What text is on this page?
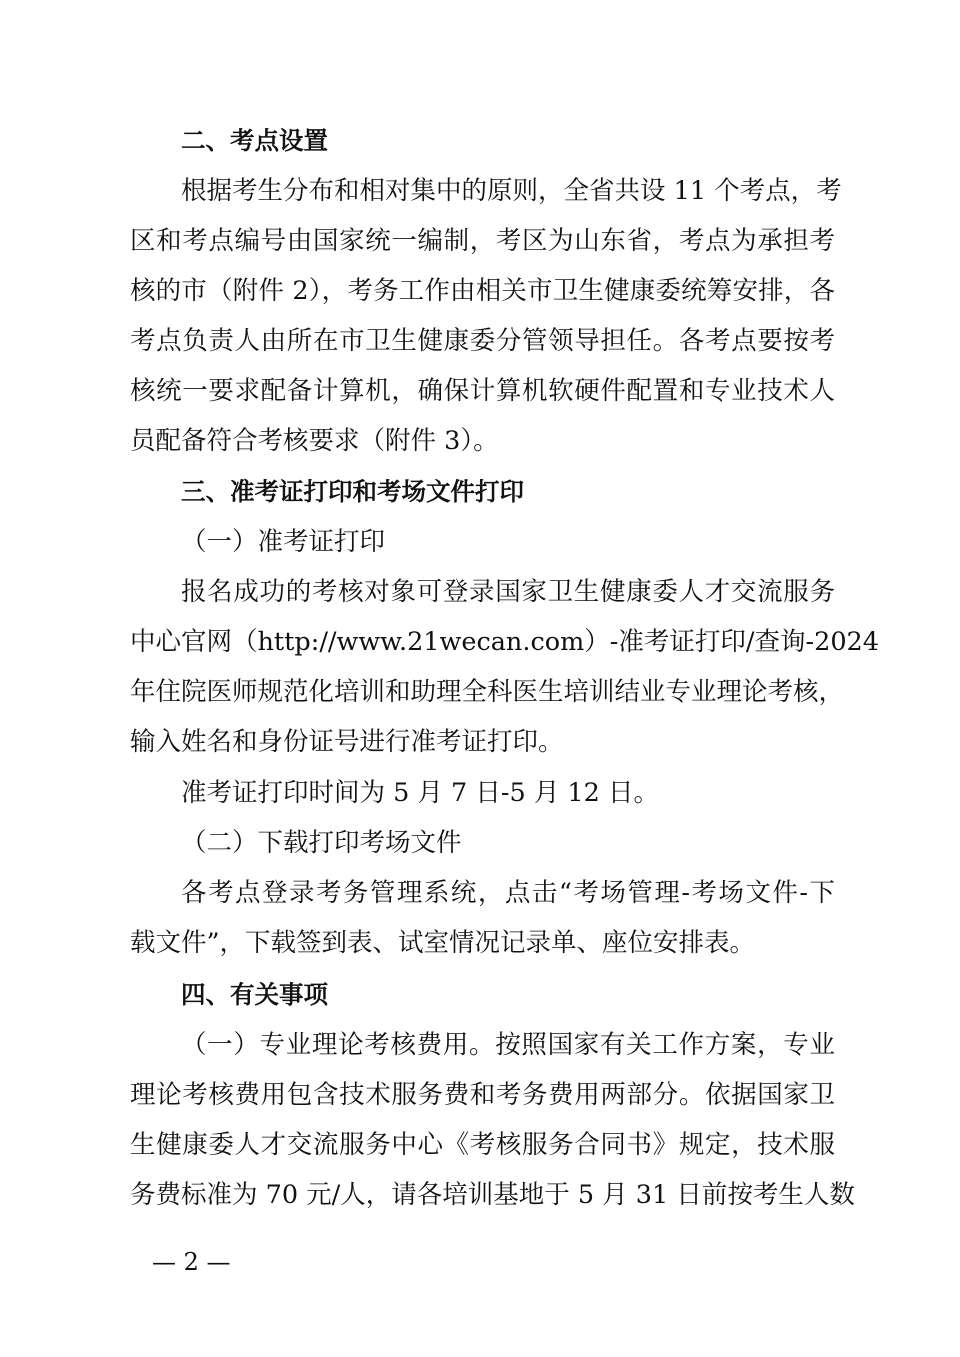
二、考点设置
根据考生分布和相对集中的原则，全省共设 11 个考点，考
区和考点编号由国家统一编制，考区为山东省，考点为承担考
核的市（附件 2），考务工作由相关市卫生健康委统筹安排，各
考点负责人由所在市卫生健康委分管领导担任。各考点要按考
核统一要求配备计算机，确保计算机软硬件配置和专业技术人
员配备符合考核要求（附件 3）。
三、准考证打印和考场文件打印
（一）准考证打印
报名成功的考核对象可登录国家卫生健康委人才交流服务
中心官网（http://www.21wecan.com）-准考证打印/查询-2024
年住院医师规范化培训和助理全科医生培训结业专业理论考核，
输入姓名和身份证号进行准考证打印。
准考证打印时间为 5 月 7 日-5 月 12 日。
（二）下载打印考场文件
各考点登录考务管理系统，点击“考场管理-考场文件-下
载文件”，下载签到表、试室情况记录单、座位安排表。
四、有关事项
（一）专业理论考核费用。按照国家有关工作方案，专业
理论考核费用包含技术服务费和考务费用两部分。依据国家卫
生健康委人才交流服务中心《考核服务合同书》规定，技术服
务费标准为 70 元/人，请各培训基地于 5 月 31 日前按考生人数
— 2 —
